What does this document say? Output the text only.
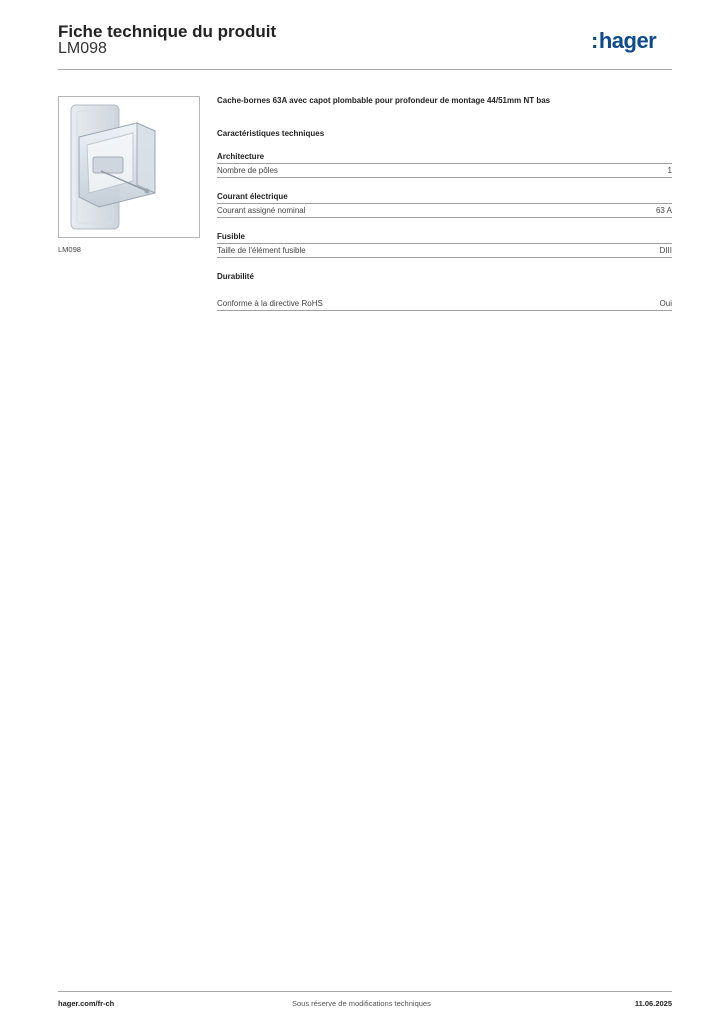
Fiche technique du produit
LM098	:hager
LM098

Cache-bornes 63A avec capot plombable pour profondeur de montage 44/51mm NT bas

Caractéristiques techniques
Architecture
Nombre de pôles	1
Courant électrique
Courant assigné nominal	63 A
Fusible
Taille de l'élément fusible	DIII
Durabilité
Conforme à la directive RoHS	Oui
hager.com/fr-ch	Sous réserve de modifications techniques	11.06.2025
